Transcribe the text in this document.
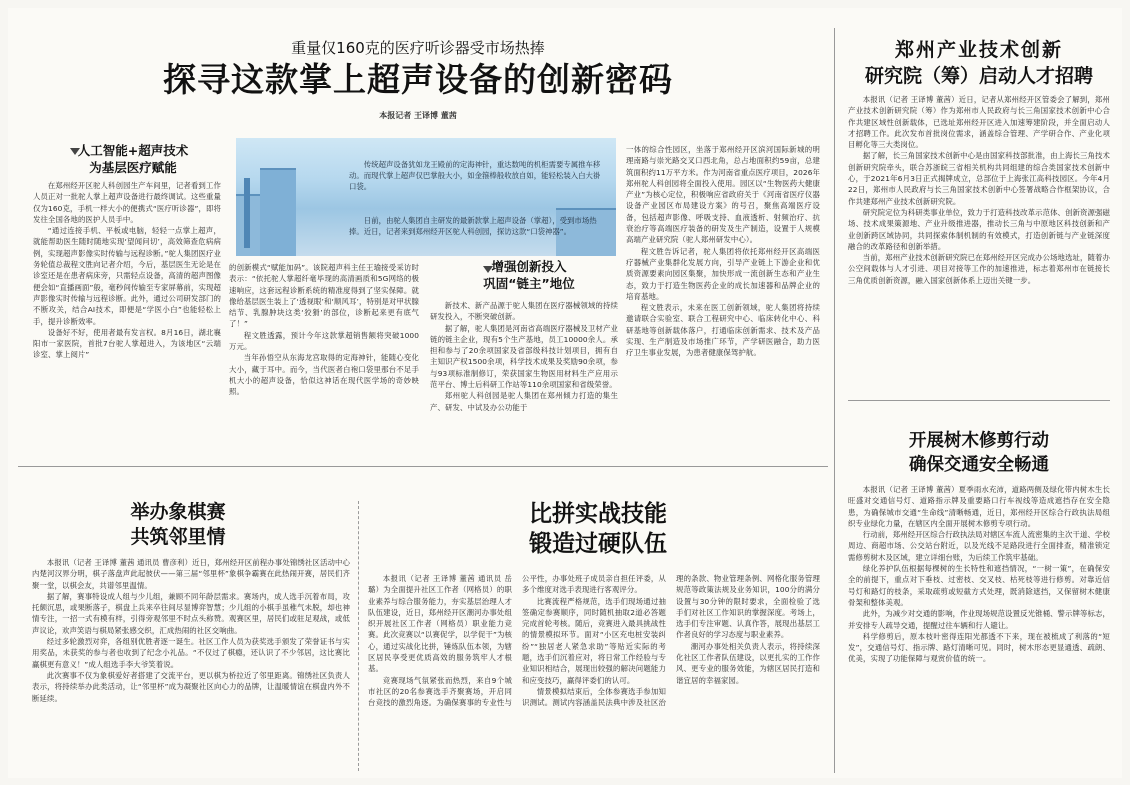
重量仅160克的医疗听诊器受市场热捧
探寻这款掌上超声设备的创新密码
本报记者 王译博 董茜
人工智能+超声技术
为基层医疗赋能

在郑州经开区驼人科创园生产车间里，记者看到工作人员正对一批驼人掌上超声设备进行最终调试。这些重量仅为160克，手机一样大小的便携式“医疗听诊器”，即将发往全国各地的医护人员手中。

“通过连接手机、平板或电脑，轻轻一点掌上超声，就能帮助医生随时随地实现‘望闻问切’，高效筛查危病病例，实现超声影像实时传输与远程诊断。”驼人集团医疗业务轮值总裁程文胜向记者介绍，今后，基层医生无论是在诊室还是在患者病床旁，只需轻点设备，高清的超声图像便会如“直播画面”般，毫秒间传输至专家屏幕前，实现超声影像实时传输与远程诊断。此外，通过公司研发部门的不断攻关，结合AI技术，即便是“学医小白”也能轻松上手，提升诊断效率。

设备好不好，使用者最有发言权。8月16日，湖北襄阳市一家医院，首批7台驼人掌超进入，为该地区“云端诊室、掌上阅片”

传统超声设备犹如龙王殿前的定海神针，重达数吨的机柜需要专属推车移动。而现代掌上超声仅巴掌般大小，如金箍棒般收放自如，能轻松装入白大褂口袋。
日前，由驼人集团自主研发的最新款掌上超声设备（掌超），受到市场热捧。近日，记者来到郑州经开区驼人科创园，探访这款“口袋神器”。

的创新模式“赋能加码”。该院超声科主任王瑜接受采访时表示：“依托驼人掌超纤毫毕现的高清画质和5G网络的极速响应，这套远程诊断系统的精准度得到了坚实保障。就像给基层医生装上了‘透视眼’和‘顺风耳’，特别是对甲状腺结节、乳腺肿块这类‘狡猾’的部位，诊断起来更有底气了！”

程文胜透露，预计今年这款掌超销售额将突破1000万元。

当年孙悟空从东海龙宫取得的定海神针，能随心变化大小，藏于耳中。而今，当代医者白袍口袋里那台不足手机大小的超声设备，恰似这神话在现代医学场的奇妙映照。

增强创新投入
巩固“链主”地位

新技术、新产品源于驼人集团在医疗器械领域的持续研发投入，不断突破创新。

据了解，驼人集团是河南省高端医疗器械及卫材产业链的链主企业，现有5个生产基地，员工10000余人。承担和参与了20余项国家及省部级科技计划项目，拥有自主知识产权1500余项，科学技术成果及奖励90余项，参与93项标准制修订，荣获国家生物医用材料生产应用示范平台、博士后科研工作站等110余项国家和省级荣誉。

郑州驼人科创园是驼人集团在郑州倾力打造的集生产、研发、中试及办公功能于

一体的综合性园区，坐落于郑州经开区滨河国际新城的明理南路与崇光路交叉口西北角，总占地面积约59亩，总建筑面积约11万平方米。作为河南省重点医疗项目，2026年郑州驼人科创园将全面投入使用。园区以“生物医药大健康产业”为核心定位，积极响应省政府关于《河南省医疗仪器设备产业园区布局建设方案》的号召，聚焦高端医疗设备，包括超声影像、呼吸支持、血液透析、射频治疗、抗衰治疗等高端医疗装备的研发及生产制造，设置于人规模高端产业研究院（驼人郑州研发中心）。

程文胜告诉记者，驼人集团将依托郑州经开区高端医疗器械产业集群化发展方向，引导产业链上下游企业和优质资源要素向园区集聚，加快形成一流创新生态和产业生态，致力于打造生物医药企业的成长加速器和品牌企业的培育基地。

程文胜表示，未来在医工创新领域，驼人集团将持续邀请联合实验室、联合工程研究中心、临床转化中心、科研基地等创新载体落户，打通临床创新需求、技术及产品实现、生产制造及市场推广环节，产学研医融合，助力医疗卫生事业发展，为患者健康保驾护航。

郑州产业技术创新
研究院（筹）启动人才招聘

本报讯（记者 王译博 董茜）近日，记者从郑州经开区管委会了解到，郑州产业技术创新研究院（筹）作为郑州市人民政府与长三角国家技术创新中心合作共建区域性创新载体，已选址郑州经开区进入加速筹建阶段，并全面启动人才招聘工作。此次发布首批岗位需求，涵盖综合管理、产学研合作、产业化项目孵化等三大类岗位。

据了解，长三角国家技术创新中心是由国家科技部批准，由上海长三角技术创新研究院牵头，联合苏浙皖三省相关机构共同组建的综合类国家技术创新中心，于2021年6月3日正式揭牌成立，总部位于上海张江高科技园区。今年4月22日，郑州市人民政府与长三角国家技术创新中心签署战略合作框架协议，合作共建郑州产业技术创新研究院。

研究院定位为科研类事业单位，致力于打造科技改革示范体、创新资源强磁场、技术成果策源地、产业升级推进器，推动长三角与中原地区科技创新和产业创新跨区域协同，共同探索体制机制的有效模式，打造创新链与产业链深度融合的改革路径和创新举措。

当前，郑州产业技术创新研究院已在郑州经开区完成办公场地选址，随着办公空间载体与人才引进、项目对接等工作的加速推进，标志着郑州市在链接长三角优质创新资源，融入国家创新体系上迈出关键一步。

开展树木修剪行动
确保交通安全畅通

本报讯（记者 王译博 董茜）夏季雨水充沛，道路两侧及绿化带内树木生长旺盛对交通信号灯、道路指示牌及重要路口行车视线等造成遮挡存在安全隐患，为确保城市交通“生命线”清晰畅通，近日，郑州经开区综合行政执法局组织专业绿化力量，在辖区内全面开展树木修剪专项行动。

行动前，郑州经开区综合行政执法局对辖区车流人流密集的主次干道、学校周边、商超市场、公交站台附近，以及光线不足路段进行全面排查，精准锁定需修剪树木及区域，建立详细台账，为后续工作筑牢基础。

绿化养护队伍根据每棵树的生长特性和遮挡情况，“一树一策”，在确保安全的前提下，重点对下垂枝、过密枝、交叉枝、枯死枝等进行修剪。对靠近信号灯和路灯的枝条，采取疏剪或短截方式处理，既消除遮挡，又保留树木健康骨架和整体美观。

此外，为减少对交通的影响，作业现场规范设置反光锥桶、警示牌等标志，并安排专人疏导交通，提醒过往车辆和行人避让。

科学修剪后，原本枝叶密得连阳光都透不下来，现在被梳成了利落的“短发”，交通信号灯、指示牌、路灯清晰可见。同时，树木形态更显通透、疏朗、优美，实现了功能保障与观赏价值的统一。

举办象棋赛
共筑邻里情

本报讯（记者 王译博 董茜 通讯员 曹彦利）近日，郑州经开区前程办事处锦绣社区活动中心内楚河汉界分明，棋子落盘声此起彼伏——第三届“邻里杯”象棋争霸赛在此热闹开赛，居民们齐聚一堂，以棋会友，共谱邻里温情。

据了解，赛事特设成人组与少儿组，兼顾不同年龄层需求。赛场内，成人选手沉着布局，攻托颇沉思，或果断落子，棋盘上兵来卒往间尽显博弈智慧；少儿组的小棋手虽稚气未脱，却也神情专注，一招一式有模有样，引得旁观邻里不时点头称赞。观赛区里，居民们或驻足观战，或低声议论，欢声笑语与棋局紧张感交织，汇成热闹的社区交响曲。

经过多轮激烈对弈，各组别优胜者逐一诞生。社区工作人员为获奖选手颁发了荣誉证书与实用奖品，未获奖的参与者也收到了纪念小礼品。“不仅过了棋瘾，还认识了不少邻居，这比赛比赢棋更有意义！”成人组选手李大爷笑着说。

此次赛事不仅为象棋爱好者搭建了交流平台，更以棋为桥拉近了邻里距离。锦绣社区负责人表示，将持续举办此类活动，让“邻里杯”成为凝聚社区向心力的品牌，让温暖情谊在棋盘内外不断延续。

比拼实战技能
锻造过硬队伍

本报讯（记者 王译博 董茜 通讯员 岳璐）为全面提升社区工作者（网格员）的职业素养与综合服务能力，夯实基层治理人才队伍建设，近日，郑州经开区潮河办事处组织开展社区工作者（网格员）职业能力竞赛。此次竞赛以“以赛促学，以学促干”为核心，通过实战化比拼，锤炼队伍本领，为辖区居民享受更优质高效的服务筑牢人才根基。

竞赛现场气氛紧张而热烈，来自9个城市社区的20名参赛选手齐聚赛场，开启同台竞技的激烈角逐。为确保赛事的专业性与公平性，办事处班子成员亲自担任评委，从多个维度对选手表现进行客观评分。

比赛流程严格规范，选手们现场通过抽签确定参赛顺序，同时随机抽取2道必答题完成首轮考核。随后，竞赛进入最具挑战性的情景模拟环节。面对“小区充电桩安装纠纷”“独居老人紧急求助”等贴近实际的考题，选手们沉着应对，将日常工作经验与专业知识相结合，展现出较强的解决问题能力和应变技巧，赢得评委们的认可。

情景模拟结束后，全体参赛选手参加知识测试。测试内容涵盖民法典中涉及社区治理的条款、物业管理条例、网格化服务管理规范等政策法规及业务知识，100分的满分设置与30分钟的限时要求，全面检验了选手们对社区工作知识的掌握深度。考场上，选手们专注审题、认真作答，展现出基层工作者良好的学习态度与职业素养。

潮河办事处相关负责人表示，将持续深化社区工作者队伍建设，以更扎实的工作作风、更专业的服务效能，为辖区居民打造和谐宜居的幸福家园。
